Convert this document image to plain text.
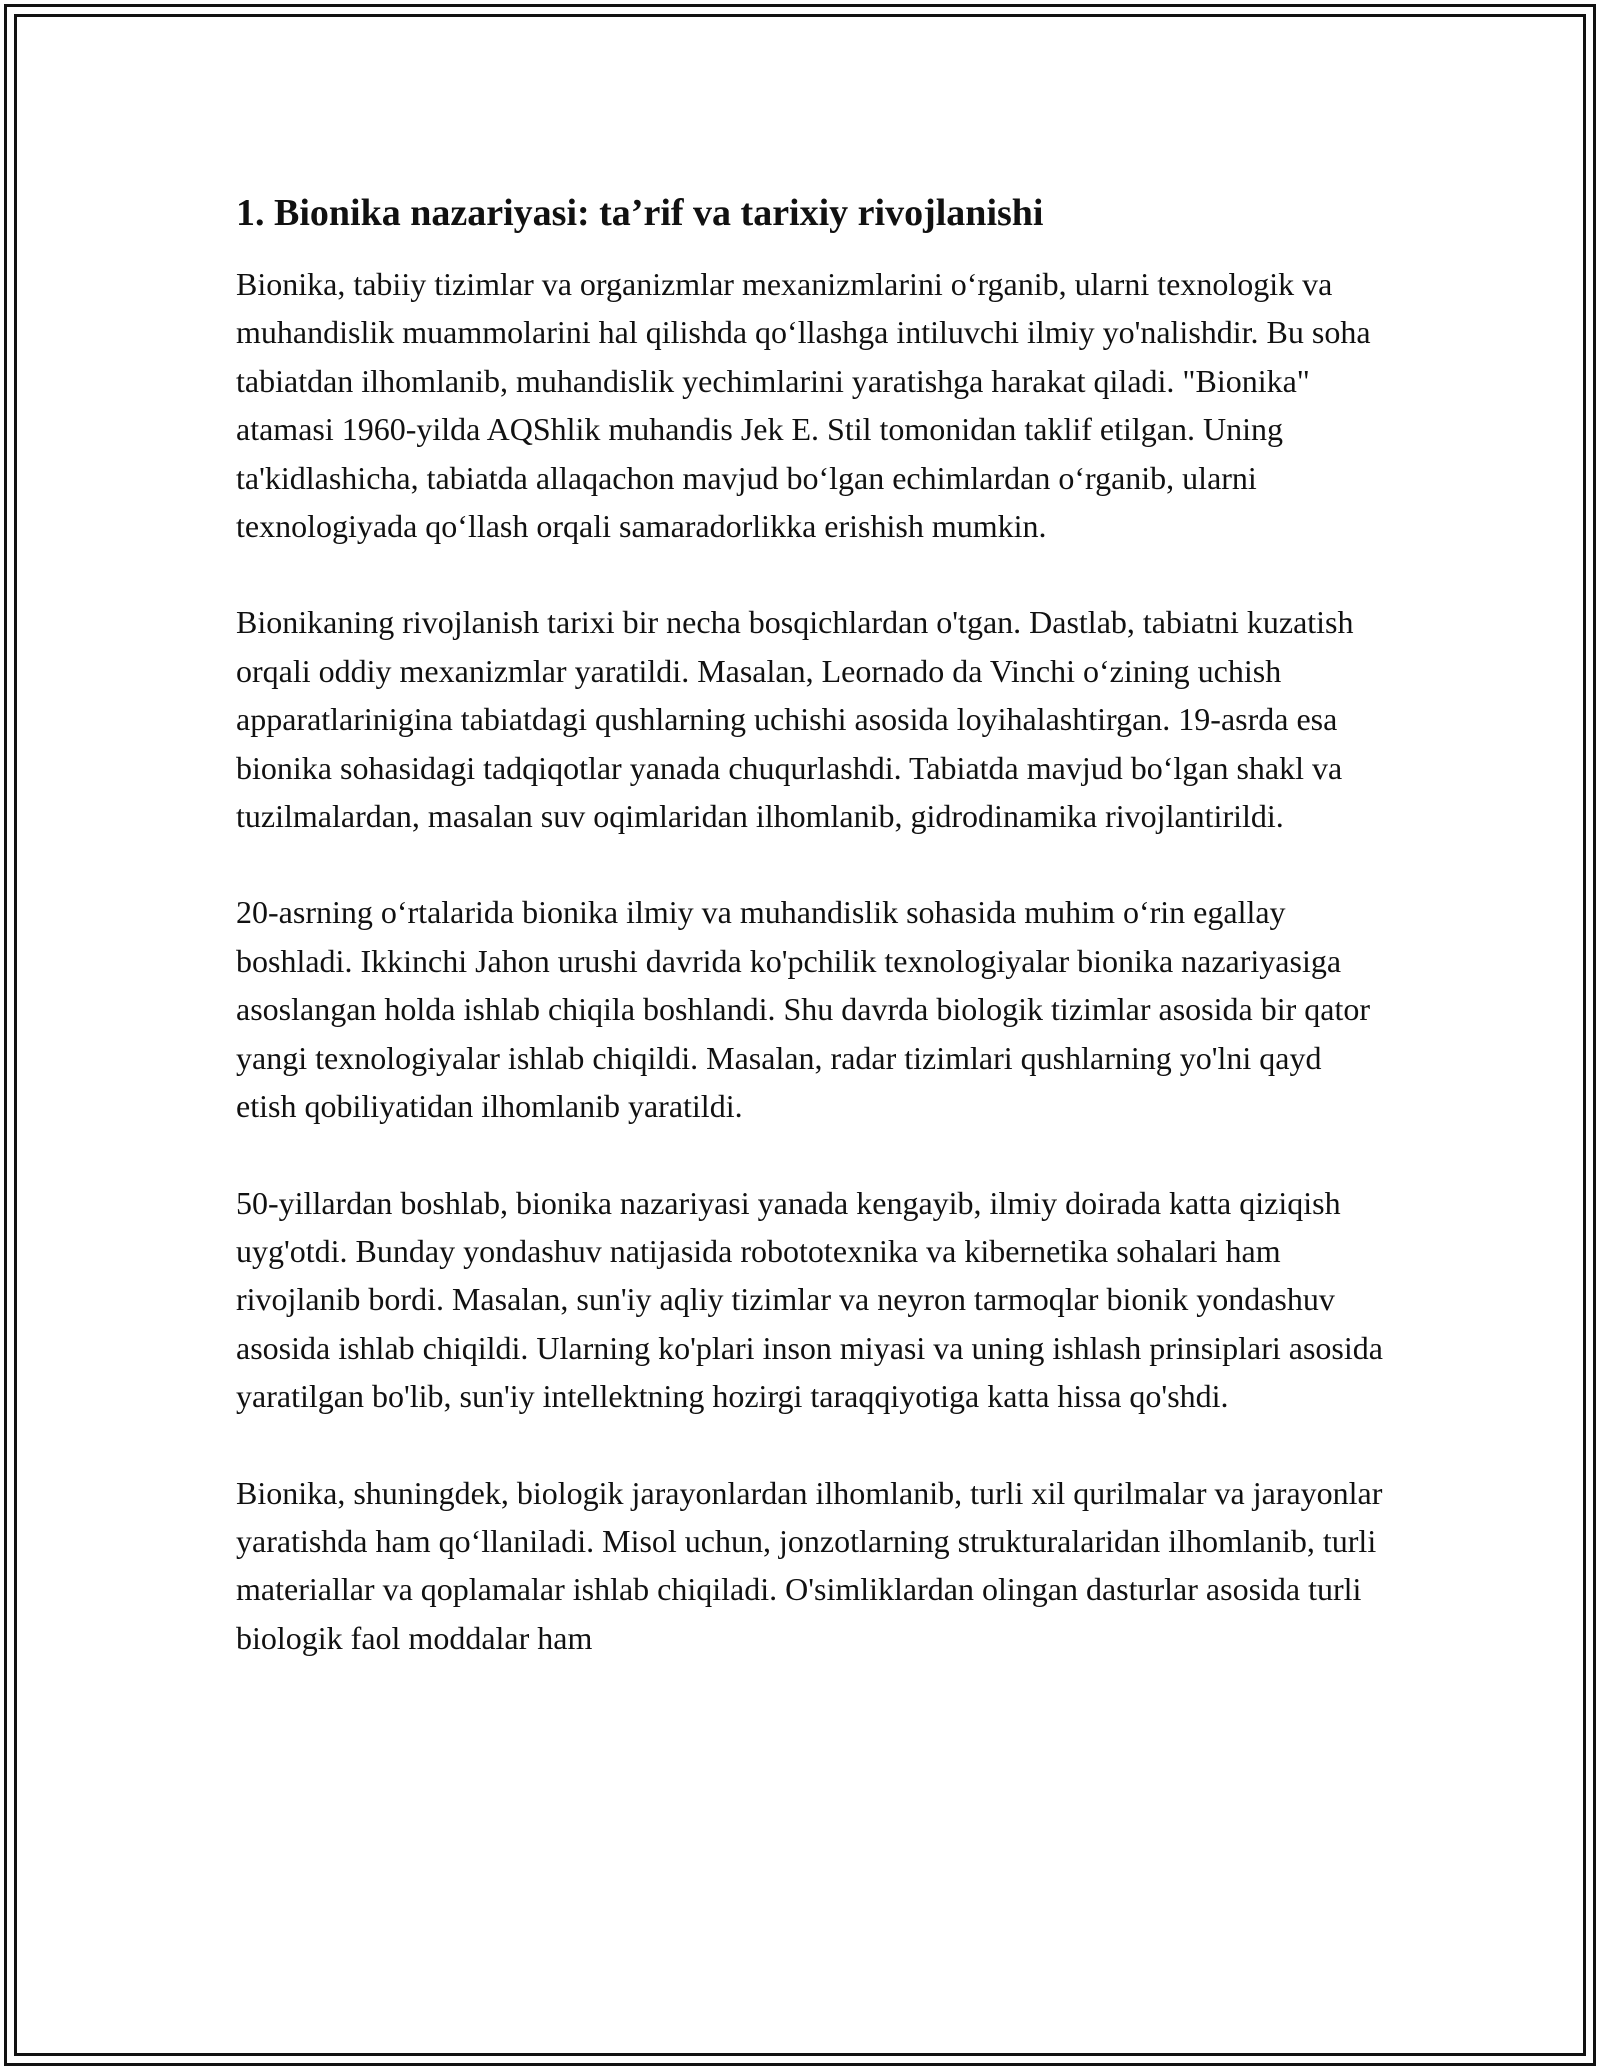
1. Bionika nazariyasi: ta’rif va tarixiy rivojlanishi

Bionika, tabiiy tizimlar va organizmlar mexanizmlarini o‘rganib, ularni texnologik va muhandislik muammolarini hal qilishda qo‘llashga intiluvchi ilmiy yo'nalishdir. Bu soha tabiatdan ilhomlanib, muhandislik yechimlarini yaratishga harakat qiladi. "Bionika" atamasi 1960-yilda AQShlik muhandis Jek E. Stil tomonidan taklif etilgan. Uning ta'kidlashicha, tabiatda allaqachon mavjud bo‘lgan echimlardan o‘rganib, ularni texnologiyada qo‘llash orqali samaradorlikka erishish mumkin.

Bionikaning rivojlanish tarixi bir necha bosqichlardan o'tgan. Dastlab, tabiatni kuzatish orqali oddiy mexanizmlar yaratildi. Masalan, Leornado da Vinchi o‘zining uchish apparatlarinigina tabiatdagi qushlarning uchishi asosida loyihalashtirgan. 19-asrda esa bionika sohasidagi tadqiqotlar yanada chuqurlashdi. Tabiatda mavjud bo‘lgan shakl va tuzilmalardan, masalan suv oqimlaridan ilhomlanib, gidrodinamika rivojlantirildi.

20-asrning o‘rtalarida bionika ilmiy va muhandislik sohasida muhim o‘rin egallay boshladi. Ikkinchi Jahon urushi davrida ko'pchilik texnologiyalar bionika nazariyasiga asoslangan holda ishlab chiqila boshlandi. Shu davrda biologik tizimlar asosida bir qator yangi texnologiyalar ishlab chiqildi. Masalan, radar tizimlari qushlarning yo'lni qayd etish qobiliyatidan ilhomlanib yaratildi.

50-yillardan boshlab, bionika nazariyasi yanada kengayib, ilmiy doirada katta qiziqish uyg'otdi. Bunday yondashuv natijasida robototexnika va kibernetika sohalari ham rivojlanib bordi. Masalan, sun'iy aqliy tizimlar va neyron tarmoqlar bionik yondashuv asosida ishlab chiqildi. Ularning ko'plari inson miyasi va uning ishlash prinsiplari asosida yaratilgan bo'lib, sun'iy intellektning hozirgi taraqqiyotiga katta hissa qo'shdi.

Bionika, shuningdek, biologik jarayonlardan ilhomlanib, turli xil qurilmalar va jarayonlar yaratishda ham qo‘llaniladi. Misol uchun, jonzotlarning strukturalaridan ilhomlanib, turli materiallar va qoplamalar ishlab chiqiladi. O'simliklardan olingan dasturlar asosida turli biologik faol moddalar ham
